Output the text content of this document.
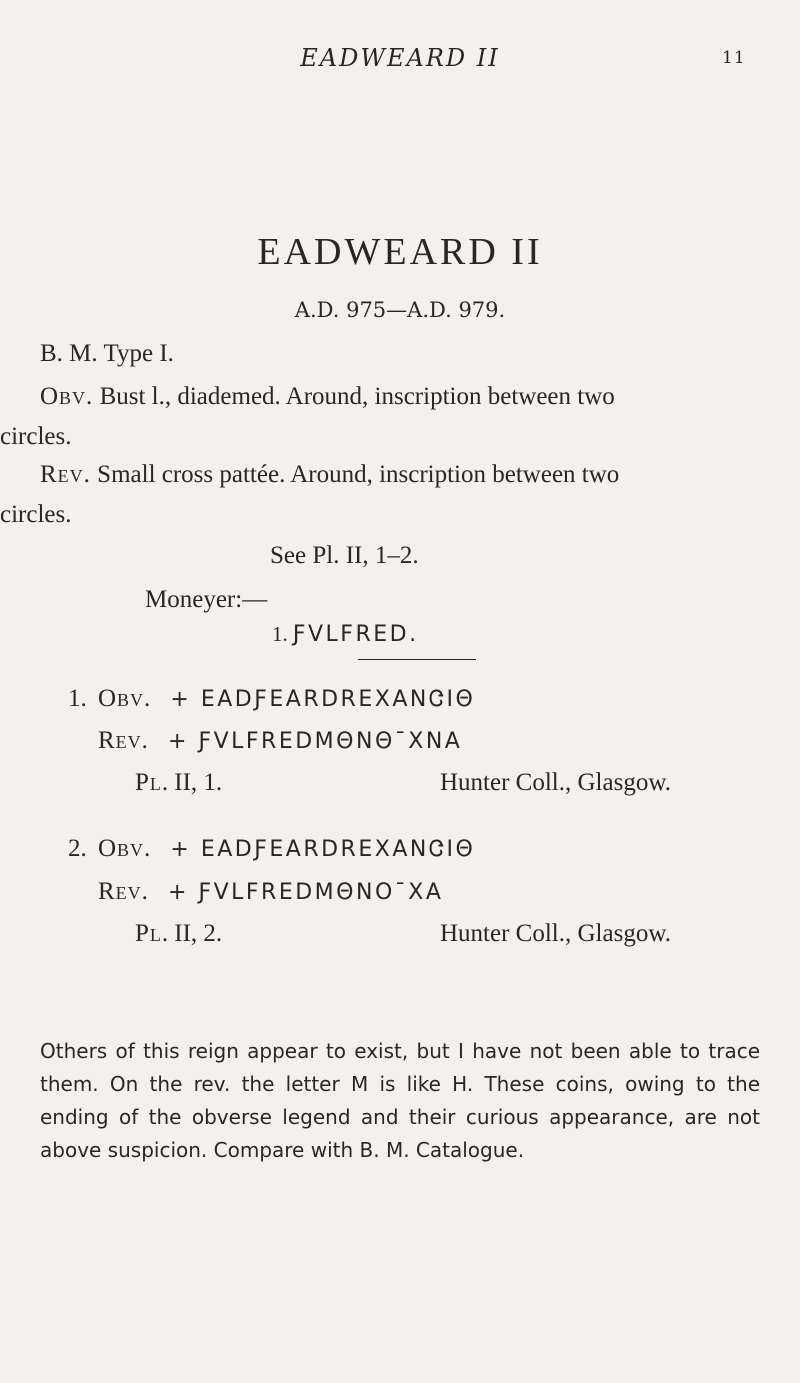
EADWEARD II	11
EADWEARD II
A.D. 975—A.D. 979.
B. M. Type I.
Obv. Bust l., diademed. Around, inscription between two
circles.
Rev. Small cross pattée. Around, inscription between two
circles.
See Pl. II, 1–2.
Moneyer:—
1. ƑVLFRED.
1. Obv. + EADƑEARDREXANᏣIΘ
Rev. + ƑVLFREDMΘNΘ¯XNA
Pl. II, 1.	Hunter Coll., Glasgow.
2. Obv. + EADƑEARDREXANᏣIΘ
Rev. + ƑVLFREDMΘNO¯XA
Pl. II, 2.	Hunter Coll., Glasgow.
Others of this reign appear to exist, but I have not been able to trace them. On the rev. the letter M is like H. These coins, owing to the ending of the obverse legend and their curious appearance, are not above suspicion. Compare with B. M. Catalogue.
